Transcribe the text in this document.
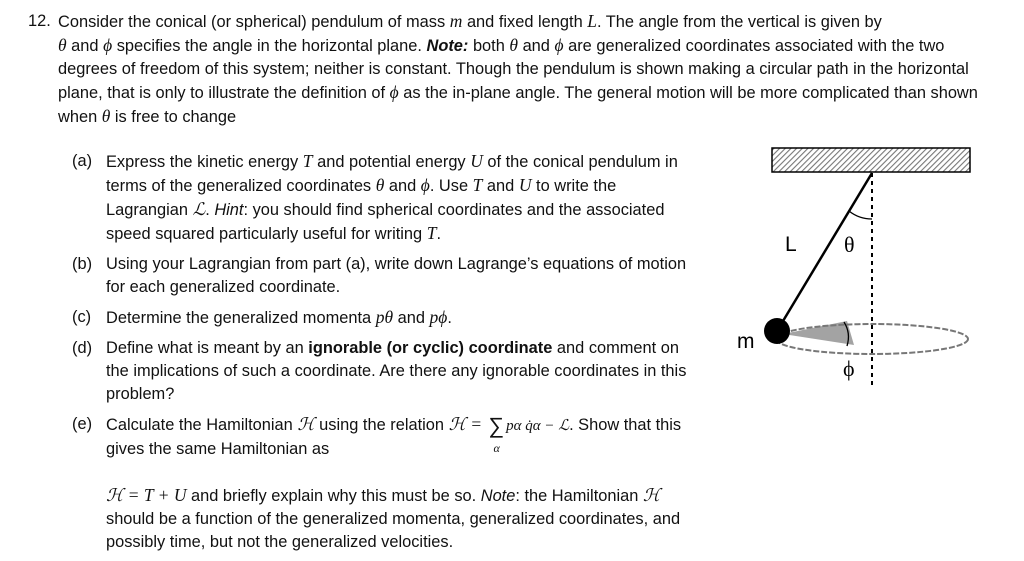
12. Consider the conical (or spherical) pendulum of mass m and fixed length L. The angle from the vertical is given by
θ and ϕ specifies the angle in the horizontal plane. Note: both θ and ϕ are generalized coordinates associated with the two degrees of freedom of this system; neither is constant. Though the pendulum is shown making a circular path in the horizontal plane, that is only to illustrate the definition of ϕ as the in-plane angle. The general motion will be more complicated than shown when θ is free to change
(a) Express the kinetic energy T and potential energy U of the conical pendulum in terms of the generalized coordinates θ and ϕ. Use T and U to write the Lagrangian ℒ. Hint: you should find spherical coordinates and the associated speed squared particularly useful for writing T.
(b) Using your Lagrangian from part (a), write down Lagrange’s equations of motion for each generalized coordinate.
(c) Determine the generalized momenta pθ and pϕ.
(d) Define what is meant by an ignorable (or cyclic) coordinate and comment on the implications of such a coordinate. Are there any ignorable coordinates in this problem?
(e) Calculate the Hamiltonian ℋ using the relation ℋ = ∑
α
pα q̇α − ℒ. Show that this gives the same Hamiltonian as

ℋ = T + U and briefly explain why this must be so. Note: the Hamiltonian ℋ should be a function of the generalized momenta, generalized coordinates, and possibly time, but not the generalized velocities.
L θ
m
ϕ
